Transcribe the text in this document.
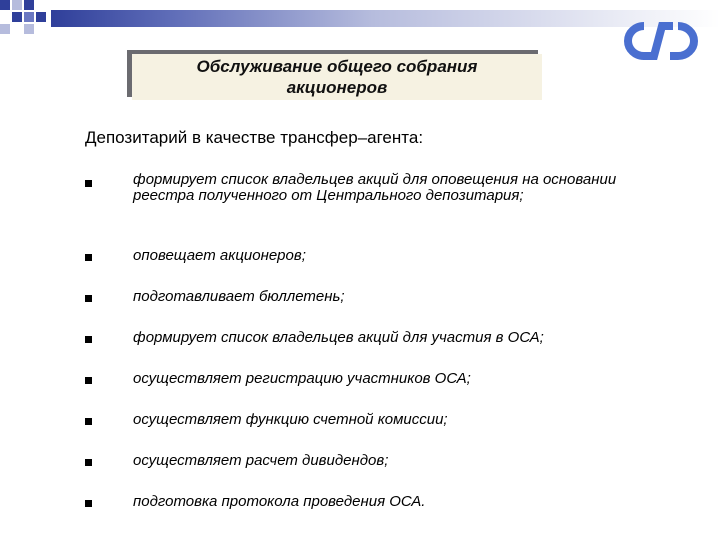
Обслуживание общего собрания
акционеров
Депозитарий в качестве трансфер–агента:
формирует список владельцев акций для оповещения на основании реестра полученного от Центрального депозитария;
оповещает акционеров;
подготавливает бюллетень;
формирует список владельцев акций для участия в ОСА;
осуществляет регистрацию участников ОСА;
осуществляет функцию счетной комиссии;
осуществляет расчет дивидендов;
подготовка протокола проведения ОСА.
